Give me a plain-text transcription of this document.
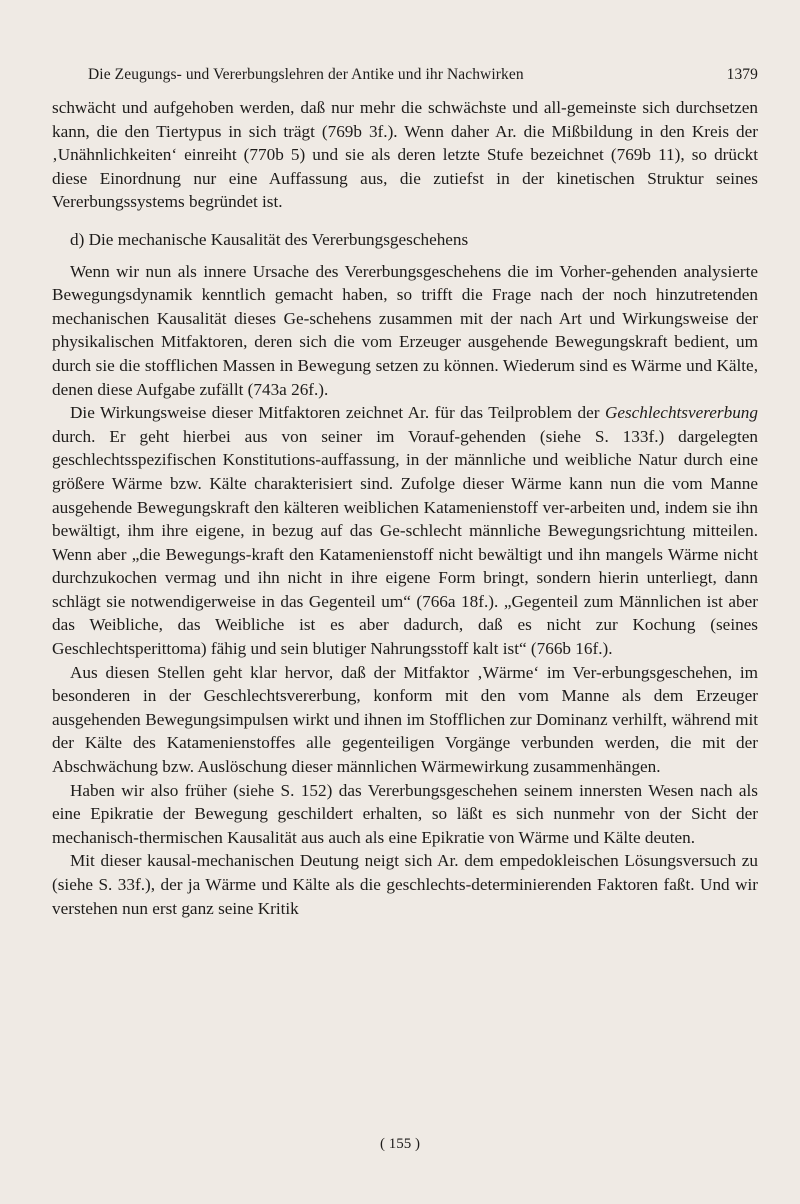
Die Zeugungs- und Vererbungslehren der Antike und ihr Nachwirken	1379

schwächt und aufgehoben werden, daß nur mehr die schwächste und all-gemeinste sich durchsetzen kann, die den Tiertypus in sich trägt (769b 3f.). Wenn daher Ar. die Mißbildung in den Kreis der ‚Unähnlichkeiten‘ einreiht (770b 5) und sie als deren letzte Stufe bezeichnet (769b 11), so drückt diese Einordnung nur eine Auffassung aus, die zutiefst in der kinetischen Struktur seines Vererbungssystems begründet ist.

d) Die mechanische Kausalität des Vererbungsgeschehens

Wenn wir nun als innere Ursache des Vererbungsgeschehens die im Vorher-gehenden analysierte Bewegungsdynamik kenntlich gemacht haben, so trifft die Frage nach der noch hinzutretenden mechanischen Kausalität dieses Ge-schehens zusammen mit der nach Art und Wirkungsweise der physikalischen Mitfaktoren, deren sich die vom Erzeuger ausgehende Bewegungskraft bedient, um durch sie die stofflichen Massen in Bewegung setzen zu können. Wiederum sind es Wärme und Kälte, denen diese Aufgabe zufällt (743a 26f.).

Die Wirkungsweise dieser Mitfaktoren zeichnet Ar. für das Teilproblem der Geschlechtsvererbung durch. Er geht hierbei aus von seiner im Vorauf-gehenden (siehe S. 133f.) dargelegten geschlechtsspezifischen Konstitutions-auffassung, in der männliche und weibliche Natur durch eine größere Wärme bzw. Kälte charakterisiert sind. Zufolge dieser Wärme kann nun die vom Manne ausgehende Bewegungskraft den kälteren weiblichen Katamenienstoff ver-arbeiten und, indem sie ihn bewältigt, ihm ihre eigene, in bezug auf das Ge-schlecht männliche Bewegungsrichtung mitteilen. Wenn aber „die Bewegungs-kraft den Katamenienstoff nicht bewältigt und ihn mangels Wärme nicht durchzukochen vermag und ihn nicht in ihre eigene Form bringt, sondern hierin unterliegt, dann schlägt sie notwendigerweise in das Gegenteil um“ (766a 18f.). „Gegenteil zum Männlichen ist aber das Weibliche, das Weibliche ist es aber dadurch, daß es nicht zur Kochung (seines Geschlechtsperittoma) fähig und sein blutiger Nahrungsstoff kalt ist“ (766b 16f.).

Aus diesen Stellen geht klar hervor, daß der Mitfaktor ‚Wärme‘ im Ver-erbungsgeschehen, im besonderen in der Geschlechtsvererbung, konform mit den vom Manne als dem Erzeuger ausgehenden Bewegungsimpulsen wirkt und ihnen im Stofflichen zur Dominanz verhilft, während mit der Kälte des Katamenienstoffes alle gegenteiligen Vorgänge verbunden werden, die mit der Abschwächung bzw. Auslöschung dieser männlichen Wärmewirkung zusammenhängen.

Haben wir also früher (siehe S. 152) das Vererbungsgeschehen seinem innersten Wesen nach als eine Epikratie der Bewegung geschildert erhalten, so läßt es sich nunmehr von der Sicht der mechanisch-thermischen Kausalität aus auch als eine Epikratie von Wärme und Kälte deuten.

Mit dieser kausal-mechanischen Deutung neigt sich Ar. dem empedokleischen Lösungsversuch zu (siehe S. 33f.), der ja Wärme und Kälte als die geschlechts-determinierenden Faktoren faßt. Und wir verstehen nun erst ganz seine Kritik

( 155 )
